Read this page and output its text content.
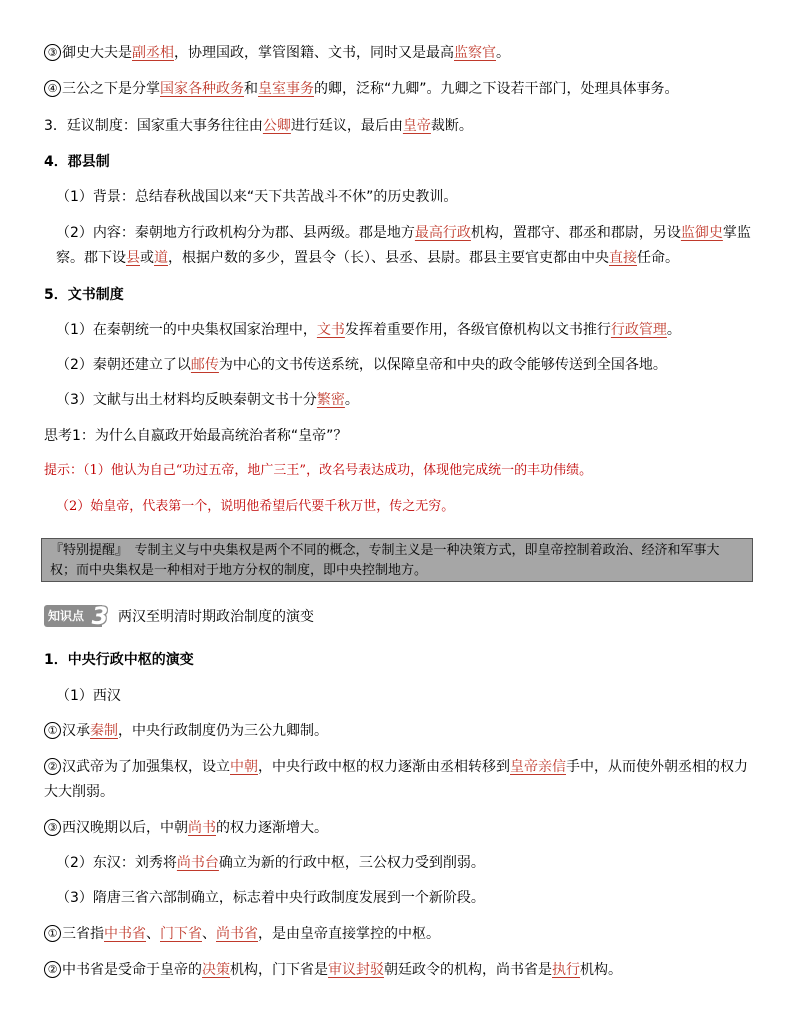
③ 御史大夫是副丞相，协理国政，掌管图籍、文书，同时又是最高监察官。
④ 三公之下是分掌国家各种政务和皇室事务的卿，泛称“九卿”。九卿之下设若干部门，处理具体事务。
3．廷议制度：国家重大事务往往由公卿进行廷议，最后由皇帝裁断。
4．郡县制
（1）背景：总结春秋战国以来“天下共苦战斗不休”的历史教训。
（2）内容：秦朝地方行政机构分为郡、县两级。郡是地方最高行政机构，置郡守、郡丞和郡尉，另设监御史掌监察。郡下设县或道，根据户数的多少，置县令（长）、县丞、县尉。郡县主要官吏都由中央直接任命。
5．文书制度
（1）在秦朝统一的中央集权国家治理中，文书发挥着重要作用，各级官僚机构以文书推行行政管理。
（2）秦朝还建立了以邮传为中心的文书传送系统，以保障皇帝和中央的政令能够传送到全国各地。
（3）文献与出土材料均反映秦朝文书十分繁密。
思考1：为什么自嬴政开始最高统治者称“皇帝”？
提示：（1）他认为自己“功过五帝，地广三王”，改名号表达成功，体现他完成统一的丰功伟绩。
（2）始皇帝，代表第一个，说明他希望后代要千秋万世，传之无穷。
『特别提醒』　专制主义与中央集权是两个不同的概念，专制主义是一种决策方式，即皇帝控制着政治、经济和军事大权；而中央集权是一种相对于地方分权的制度，即中央控制地方。
知识点 3 两汉至明清时期政治制度的演变
1．中央行政中枢的演变
（1）西汉
① 汉承秦制，中央行政制度仍为三公九卿制。
② 汉武帝为了加强集权，设立中朝，中央行政中枢的权力逐渐由丞相转移到皇帝亲信手中，从而使外朝丞相的权力大大削弱。
③ 西汉晚期以后，中朝尚书的权力逐渐增大。
（2）东汉：刘秀将尚书台确立为新的行政中枢，三公权力受到削弱。
（3）隋唐三省六部制确立，标志着中央行政制度发展到一个新阶段。
① 三省指中书省、门下省、尚书省，是由皇帝直接掌控的中枢。
② 中书省是受命于皇帝的决策机构，门下省是审议封驳朝廷政令的机构，尚书省是执行机构。
